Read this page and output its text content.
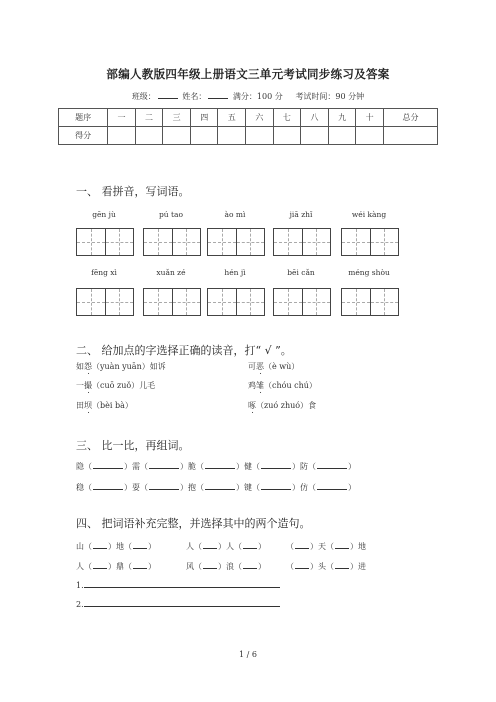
部编人教版四年级上册语文三单元考试同步练习及答案
班级：	姓名：	满分：100 分 考试时间：90 分钟
题序	一	二	三	四	五	六	七	八	九	十	总分
得分											
一、 看拼音，写词语。
gēn jù	pú tao	ào mì	jiā zhǐ	wéi kàng
fēng xì	xuǎn zé	hén jì	bēi cǎn	méng shòu
二、 给加点的字选择正确的读音，打“ √ ”。
如怨（yuàn yuān）如诉	可恶（è wù）
一撮（cuō zuǒ）儿毛	鸡雏（chóu chú）
田坝（bèi bà）	啄（zuó zhuó）食
三、 比一比，再组词。
隐（	）需（	）脆（	）健（	）防（	）
稳（	）耍（	）抱（	）键（	）仿（	）
四、 把词语补充完整，并选择其中的两个造句。
山（ ）地（ ）	人（ ）人（ ）	（ ）天（ ）地
人（ ）鼎（ ）	风（ ）浪（ ）	（ ）头（ ）进
1.
2.
1 / 6
